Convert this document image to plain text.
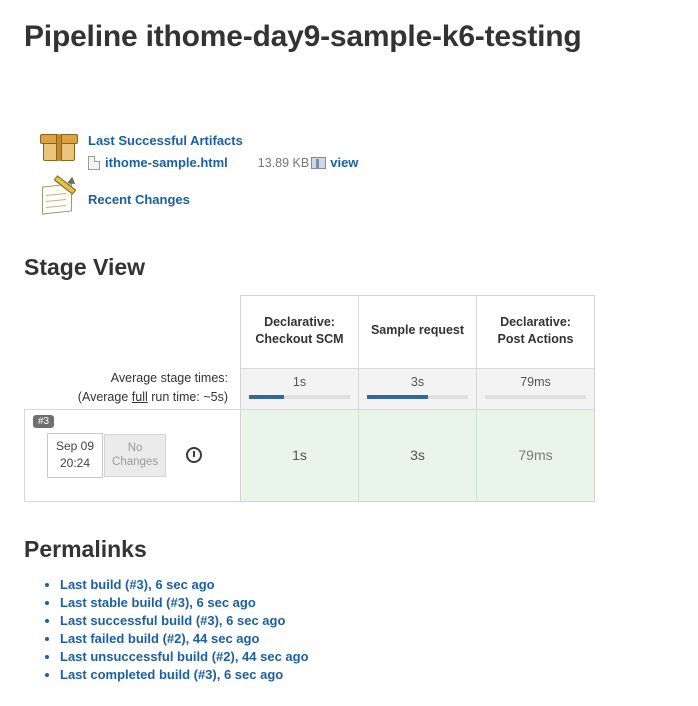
Pipeline ithome-day9-sample-k6-testing
Last Successful Artifacts
ithome-sample.html 13.89 KB view
Recent Changes
Stage View
	Declarative: Checkout SCM	Sample request	Declarative: Post Actions

Average stage times:
(Average full run time: ~5s)	1s	3s	79ms

#3
Sep 09
20:24
No
Changes	1s	3s	79ms
Permalinks
• Last build (#3), 6 sec ago
• Last stable build (#3), 6 sec ago
• Last successful build (#3), 6 sec ago
• Last failed build (#2), 44 sec ago
• Last unsuccessful build (#2), 44 sec ago
• Last completed build (#3), 6 sec ago
